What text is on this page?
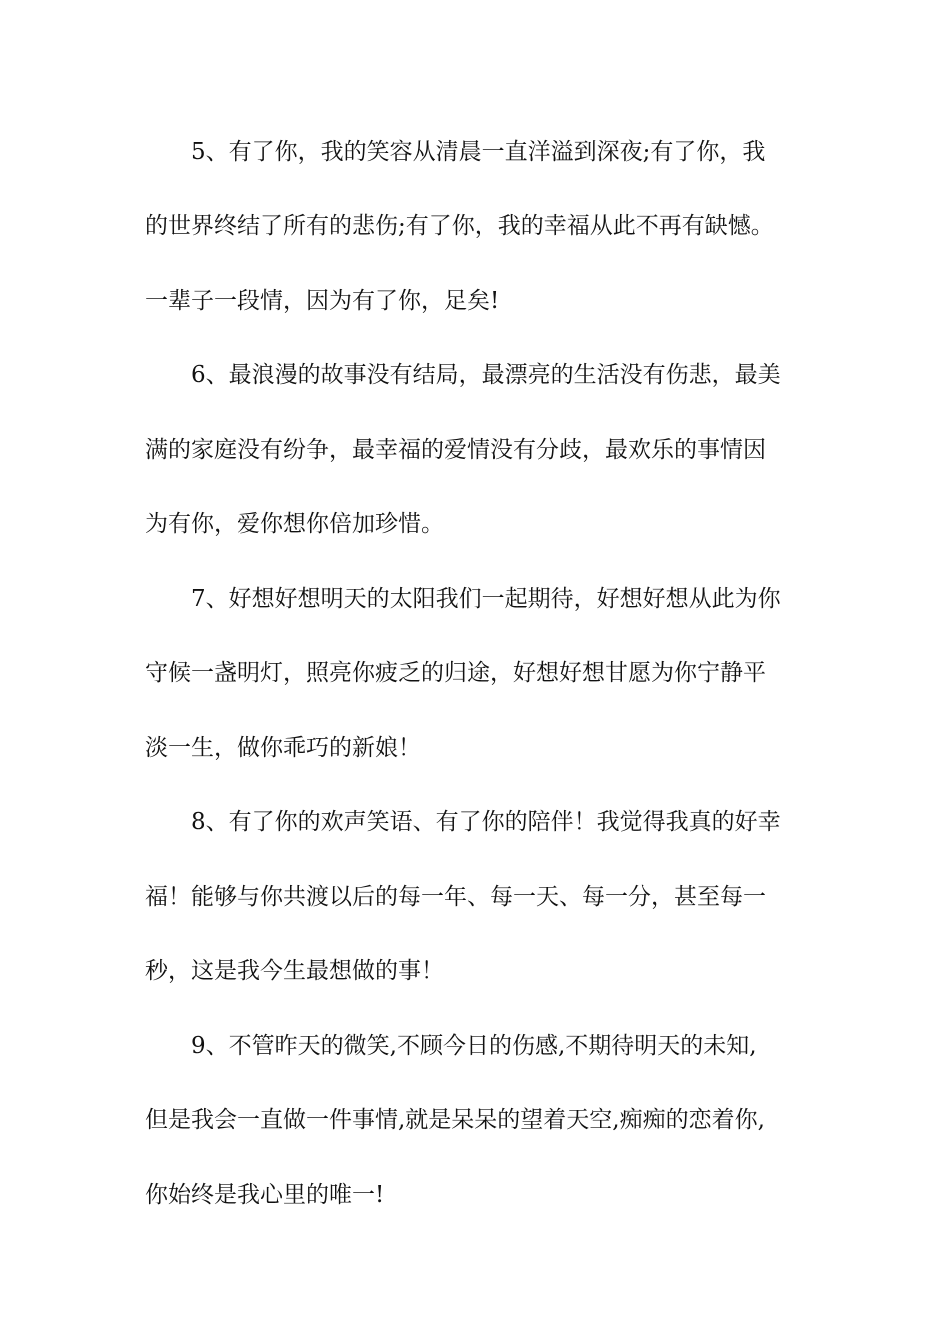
5、有了你，我的笑容从清晨一直洋溢到深夜;有了你，我
的世界终结了所有的悲伤;有了你，我的幸福从此不再有缺憾。
一辈子一段情，因为有了你，足矣!
6、最浪漫的故事没有结局，最漂亮的生活没有伤悲，最美
满的家庭没有纷争，最幸福的爱情没有分歧，最欢乐的事情因
为有你，爱你想你倍加珍惜。
7、好想好想明天的太阳我们一起期待，好想好想从此为你
守候一盏明灯，照亮你疲乏的归途，好想好想甘愿为你宁静平
淡一生，做你乖巧的新娘！
8、有了你的欢声笑语、有了你的陪伴！我觉得我真的好幸
福！能够与你共渡以后的每一年、每一天、每一分，甚至每一
秒，这是我今生最想做的事！
9、不管昨天的微笑,不顾今日的伤感,不期待明天的未知,
但是我会一直做一件事情,就是呆呆的望着天空,痴痴的恋着你,
你始终是我心里的唯一!
